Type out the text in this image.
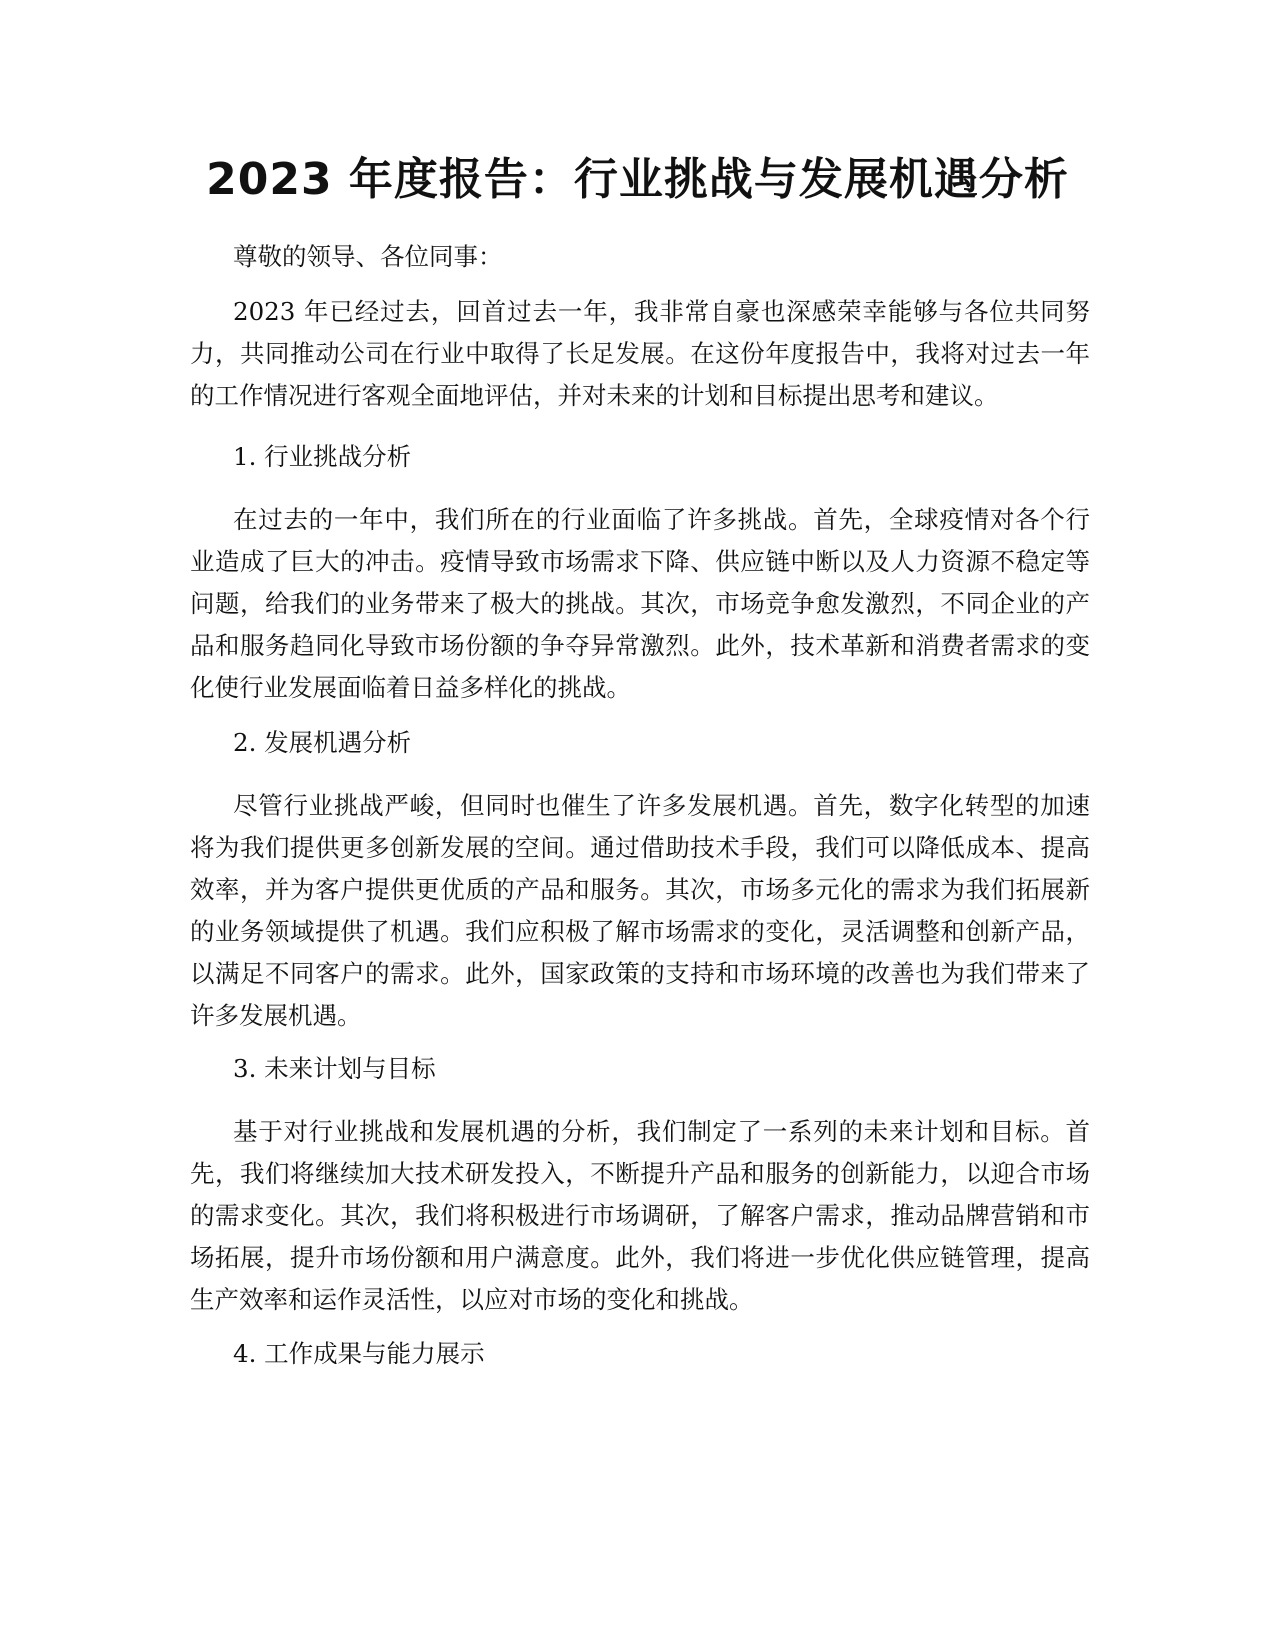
2023 年度报告：行业挑战与发展机遇分析

尊敬的领导、各位同事：

2023 年已经过去，回首过去一年，我非常自豪也深感荣幸能够与各位共同努力，共同推动公司在行业中取得了长足发展。在这份年度报告中，我将对过去一年的工作情况进行客观全面地评估，并对未来的计划和目标提出思考和建议。

1. 行业挑战分析

在过去的一年中，我们所在的行业面临了许多挑战。首先，全球疫情对各个行业造成了巨大的冲击。疫情导致市场需求下降、供应链中断以及人力资源不稳定等问题，给我们的业务带来了极大的挑战。其次，市场竞争愈发激烈，不同企业的产品和服务趋同化导致市场份额的争夺异常激烈。此外，技术革新和消费者需求的变化使行业发展面临着日益多样化的挑战。

2. 发展机遇分析

尽管行业挑战严峻，但同时也催生了许多发展机遇。首先，数字化转型的加速将为我们提供更多创新发展的空间。通过借助技术手段，我们可以降低成本、提高效率，并为客户提供更优质的产品和服务。其次，市场多元化的需求为我们拓展新的业务领域提供了机遇。我们应积极了解市场需求的变化，灵活调整和创新产品，以满足不同客户的需求。此外，国家政策的支持和市场环境的改善也为我们带来了许多发展机遇。

3. 未来计划与目标

基于对行业挑战和发展机遇的分析，我们制定了一系列的未来计划和目标。首先，我们将继续加大技术研发投入，不断提升产品和服务的创新能力，以迎合市场的需求变化。其次，我们将积极进行市场调研，了解客户需求，推动品牌营销和市场拓展，提升市场份额和用户满意度。此外，我们将进一步优化供应链管理，提高生产效率和运作灵活性，以应对市场的变化和挑战。

4. 工作成果与能力展示
